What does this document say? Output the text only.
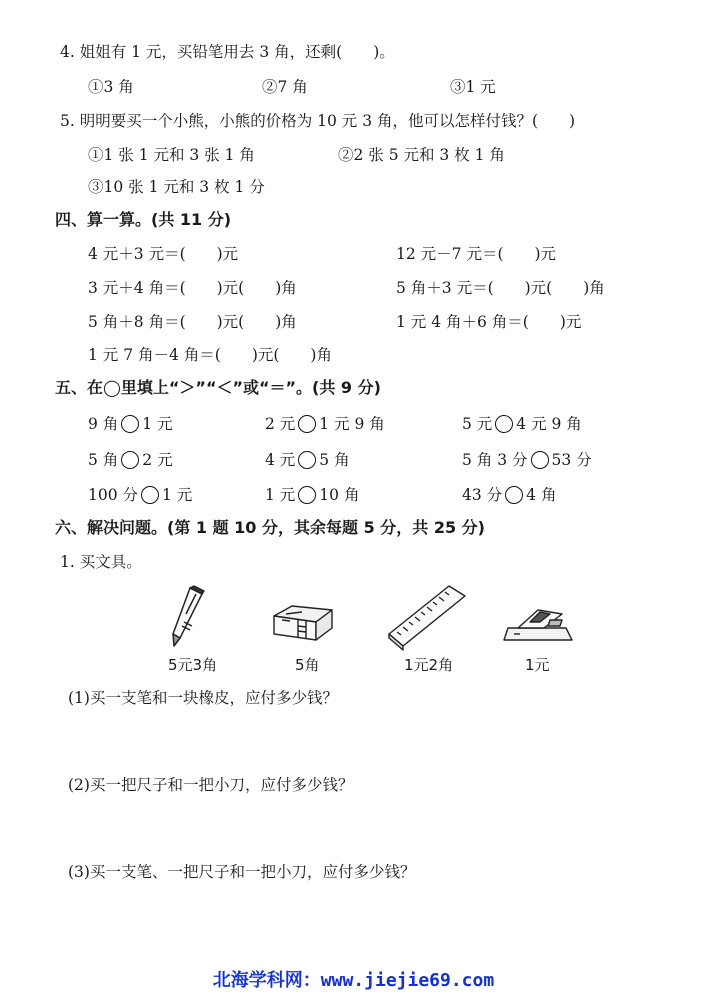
4. 姐姐有 1 元，买铅笔用去 3 角，还剩(　　)。
①3 角	②7 角	③1 元
5. 明明要买一个小熊，小熊的价格为 10 元 3 角，他可以怎样付钱？(　　)
①1 张 1 元和 3 张 1 角	②2 张 5 元和 3 枚 1 角
③10 张 1 元和 3 枚 1 分
四、算一算。(共 11 分)
4 元＋3 元＝(　　)元	12 元－7 元＝(　　)元
3 元＋4 角＝(　　)元(　　)角	5 角＋3 元＝(　　)元(　　)角
5 角＋8 角＝(　　)元(　　)角	1 元 4 角＋6 角＝(　　)元
1 元 7 角－4 角＝(　　)元(　　)角
五、在◯里填上“＞”“＜”或“＝”。(共 9 分)
9 角 1 元	2 元 1 元 9 角	5 元 4 元 9 角
5 角 2 元	4 元 5 角	5 角 3 分 53 分
100 分 1 元	1 元 10 角	43 分 4 角
六、解决问题。(第 1 题 10 分，其余每题 5 分，共 25 分)
1. 买文具。
5元3角	5角	1元2角	1元
(1)买一支笔和一块橡皮，应付多少钱？
(2)买一把尺子和一把小刀，应付多少钱？
(3)买一支笔、一把尺子和一把小刀，应付多少钱？
北海学科网：www.jiejie69.com
